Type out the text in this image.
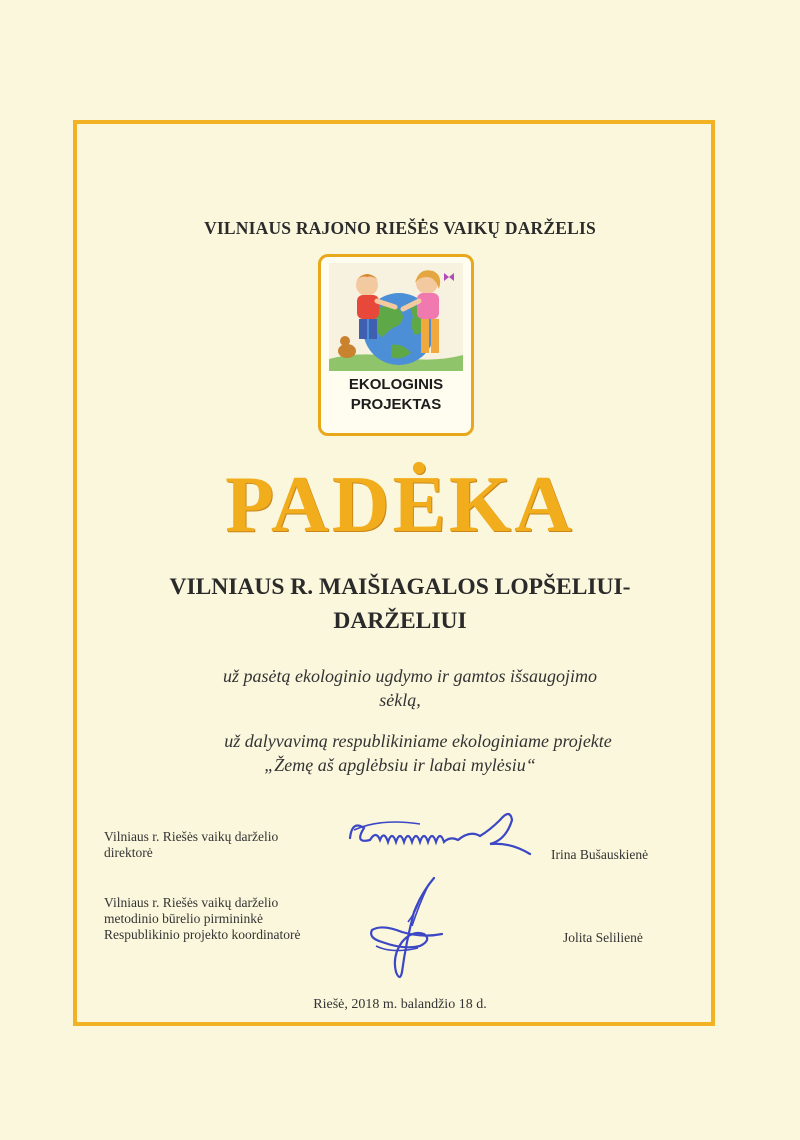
VILNIAUS RAJONO RIEŠĖS VAIKŲ DARŽELIS
EKOLOGINIS
PROJEKTAS
PADĖKA
VILNIAUS R. MAIŠIAGALOS LOPŠELIUI-
DARŽELIUI
už pasėtą ekologinio ugdymo ir gamtos išsaugojimo
sėklą,
už dalyvavimą respublikiniame ekologiniame projekte
„Žemę aš apglėbsiu ir labai mylėsiu“
Vilniaus r. Riešės vaikų darželio
direktorė	Irina Bušauskienė
Vilniaus r. Riešės vaikų darželio
metodinio būrelio pirmininkė
Respublikinio projekto koordinatorė	Jolita Selilienė
Riešė, 2018 m. balandžio 18 d.
